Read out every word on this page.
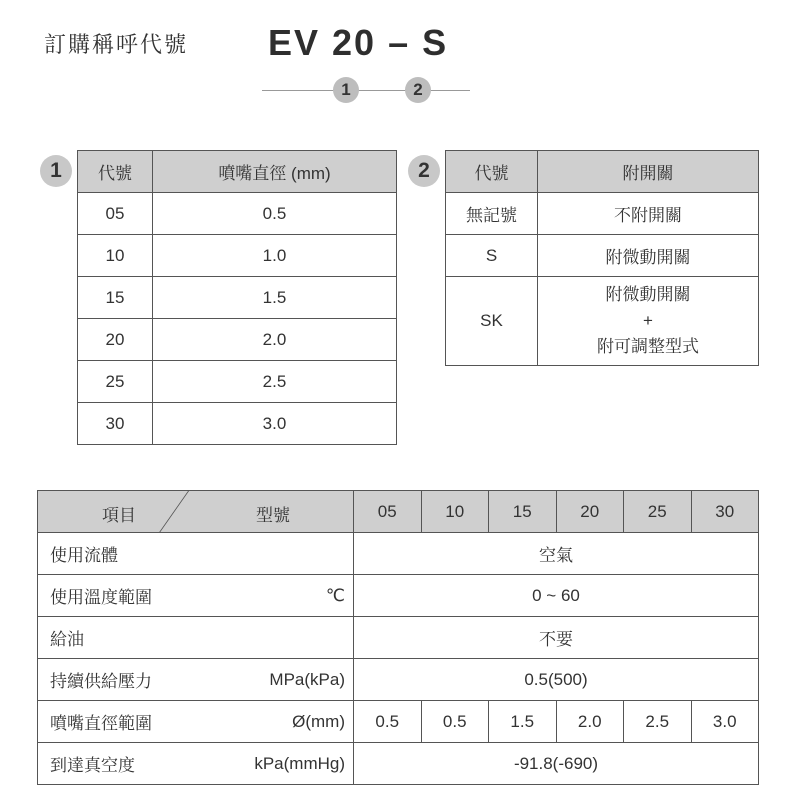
訂購稱呼代號 EV 20 – S
1	2
1	2
代號	噴嘴直徑 (mm)
05	0.5
10	1.0
15	1.5
20	2.0
25	2.5
30	3.0
代號	附開關
無記號	不附開關
S	附微動開關
SK	附微動開關
+
附可調整型式
項目 型號		05	10	15	20	25	30
使用流體		空氣					
使用溫度範圍	℃	0 ~ 60					
給油		不要					
持續供給壓力	MPa(kPa)	0.5(500)					
噴嘴直徑範圍	Ø(mm)	0.5	0.5	1.5	2.0	2.5	3.0
到達真空度	kPa(mmHg)	-91.8(-690)					
